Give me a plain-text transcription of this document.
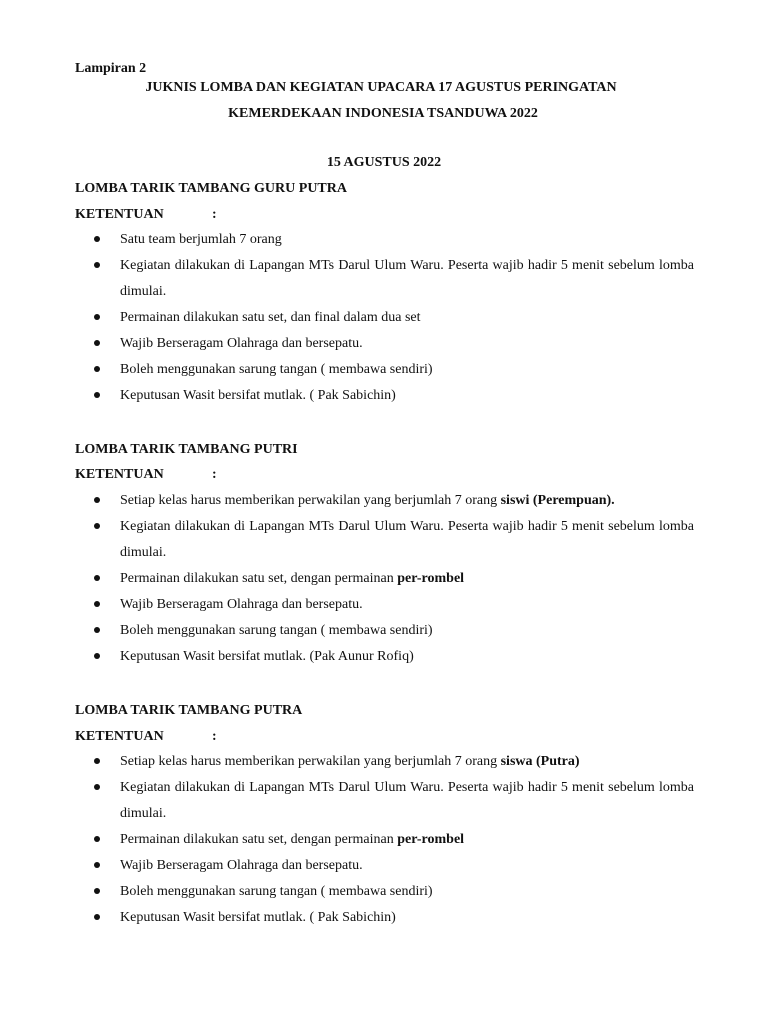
Lampiran 2
JUKNIS LOMBA DAN KEGIATAN UPACARA 17 AGUSTUS PERINGATAN
KEMERDEKAAN INDONESIA TSANDUWA 2022
15 AGUSTUS 2022
LOMBA TARIK TAMBANG GURU PUTRA
KETENTUAN	:
Satu team berjumlah 7 orang
Kegiatan dilakukan di Lapangan MTs Darul Ulum Waru. Peserta wajib hadir 5 menit sebelum lomba dimulai.
Permainan dilakukan satu set, dan final dalam dua set
Wajib Berseragam Olahraga dan bersepatu.
Boleh menggunakan sarung tangan ( membawa sendiri)
Keputusan Wasit bersifat mutlak. ( Pak Sabichin)
LOMBA TARIK TAMBANG PUTRI
KETENTUAN	:
Setiap kelas harus memberikan perwakilan yang berjumlah 7 orang siswi (Perempuan).
Kegiatan dilakukan di Lapangan MTs Darul Ulum Waru. Peserta wajib hadir 5 menit sebelum lomba dimulai.
Permainan dilakukan satu set, dengan permainan per-rombel
Wajib Berseragam Olahraga dan bersepatu.
Boleh menggunakan sarung tangan ( membawa sendiri)
Keputusan Wasit bersifat mutlak. (Pak Aunur Rofiq)
LOMBA TARIK TAMBANG PUTRA
KETENTUAN	:
Setiap kelas harus memberikan perwakilan yang berjumlah 7 orang siswa (Putra)
Kegiatan dilakukan di Lapangan MTs Darul Ulum Waru. Peserta wajib hadir 5 menit sebelum lomba dimulai.
Permainan dilakukan satu set, dengan permainan per-rombel
Wajib Berseragam Olahraga dan bersepatu.
Boleh menggunakan sarung tangan ( membawa sendiri)
Keputusan Wasit bersifat mutlak. ( Pak Sabichin)
